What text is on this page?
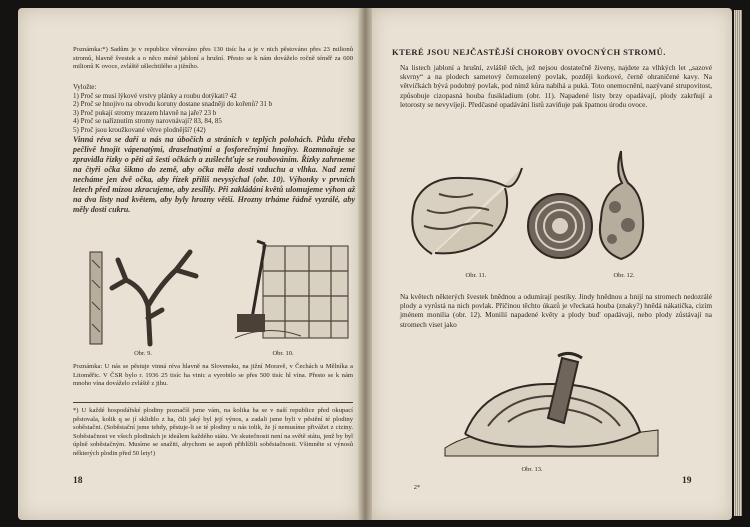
Poznámka:*) Sadům je v republice věnováno přes 130 tisíc ha a je v nich pěstováno přes 23 milionů stromů, hlavně švestek a o něco méně jabloní a hrušní. Přesto se k nám dováželo ročně téměř za 600 milionů K ovoce, zvláště ušlechtilého a jižního.
Vyložte:
1) Proč se musí lýkové vrstvy plánky a roubu dotýkati? 42
2) Proč se hnojivo na obvodu koruny dostane snadněji do kořenů? 31 b
3) Proč pukají stromy mrazem hlavně na jaře? 23 b
4) Proč se naříznutím stromy narovnávají? 83, 84, 85
5) Proč jsou kroužkované větve plodnější? (42)
Vinná réva se daří u nás na úbočích a stráních v teplých polohách. Půdu třeba pečlivě hnojit vápenatými, draselnatými a fosforečnými hnojivy. Rozmnožuje se zpravidla řízky o pěti až šesti očkách a zušlechťuje se roubováním. Řízky zahrneme na čtyři očka šikmo do země, aby očka měla dosti vzduchu a vlhka. Nad zemí necháme jen dvě očka, aby řízek příliš nevysýchal (obr. 10). Výhonky v prvních letech před mízou zkracujeme, aby zesílily. Při zakládání květů ulomujeme výhon až na dva listy nad květem, aby byly hrozny větší. Hrozny trháme řádně vyzrálé, aby měly dosti cukru.
Obr. 9.	Obr. 10.
Poznámka: U nás se pěstuje vinná réva hlavně na Slovensku, na jižní Moravě, v Čechách u Mělníka a Litoměřic. V ČSR bylo r. 1936 25 tisíc ha vinic a vyrobilo se přes 500 tisíc hl vína. Přesto se k nám mnoho vína dováželo zvláště z jihu.
*) U každé hospodářské plodiny poznačíš jsme vám, na kolika ha se v naší republice před okupací pěstovala, kolik q se jí sklidilo z ha, čili jaký byl její výnos, a zadali jsme byli v pěstění té plodiny soběstačni. (Soběstační jsme tehdy, pěstuje-li se té plodiny u nás tolik, že jí nemusíme přivážet z ciziny. Soběstačnost ve všech plodinách je ideálem každého státu. Ve skutečnosti není na světě státu, jenž by byl úplně soběstačným. Musíme se snažiti, abychom se aspoň přiblížili soběstačnosti. Všimněte si výnosů některých plodin před 50 lety!)
18
KTERÉ JSOU NEJČASTĚJŠÍ CHOROBY OVOCNÝCH STROMŮ.
Na listech jabloní a hrušní, zvláště těch, jež nejsou dostatečně živeny, najdete za vlhkých let „sazové skvrny“ a na plodech sametový černozelený povlak, později korkové, černě ohraničené kavy. Na větvičkách bývá podobný povlak, pod nímž kůra nabíhá a puká. Toto onemocnění, nazývané strupovitost, způsobuje cizopasná houba fusikladium (obr. 11). Napadené listy brzy opadávají, plody zakrňují a letorosty se nevyvíjejí. Předčasné opadávání listů zaviňuje pak špatnou úrodu ovoce.
Obr. 11.	Obr. 12.
Na květech některých švestek hnědnou a odumírají pestíky. Jindy hnědnou a hnijí na stromech nedozrálé plody a vyrůstá na nich povlak. Příčinou těchto úkazů je vřeckatá houba (znaky?) hnědá nákatička, cizím jménem monilia (obr. 12). Monilií napadené květy a plody buď opadávají, nebo plody zůstávají na stromech viset jako
Obr. 13.
2*
19
